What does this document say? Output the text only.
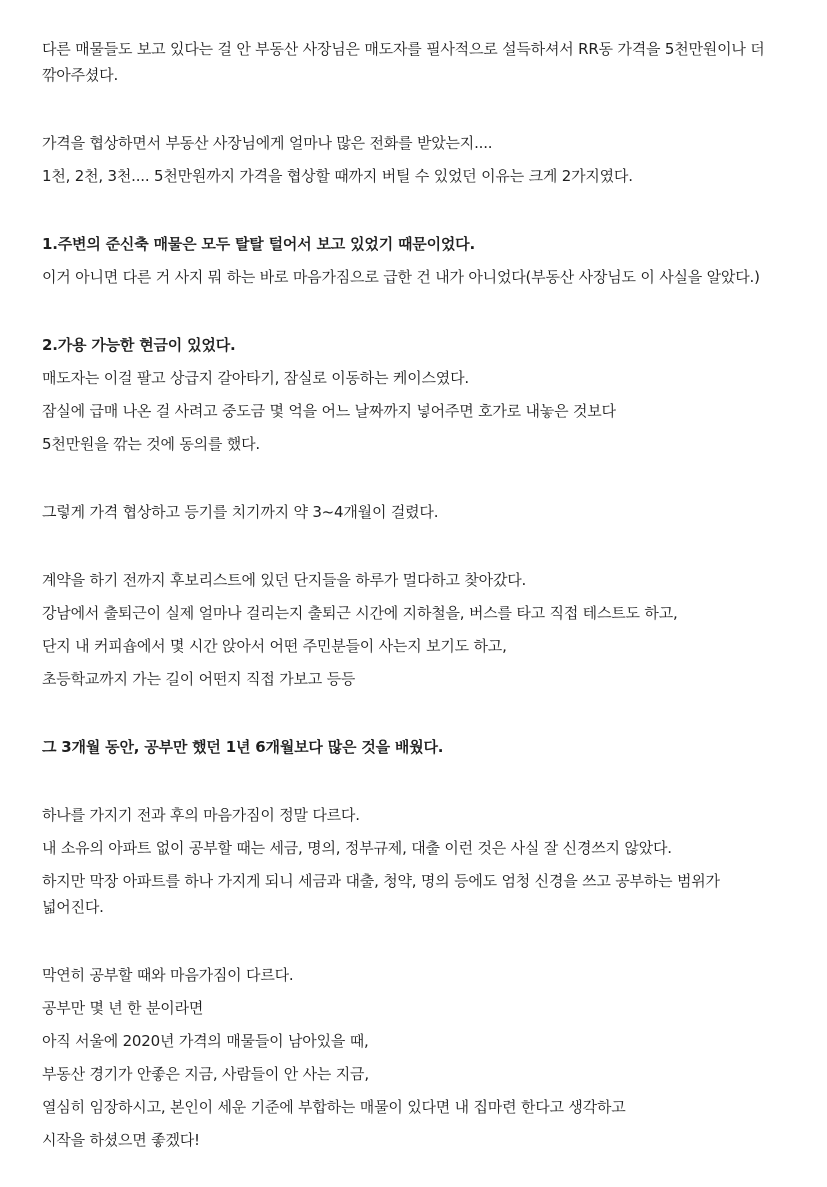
다른 매물들도 보고 있다는 걸 안 부동산 사장님은 매도자를 필사적으로 설득하셔서 RR동 가격을 5천만원이나 더 깎아주셨다.

가격을 협상하면서 부동산 사장님에게 얼마나 많은 전화를 받았는지....

1천, 2천, 3천.... 5천만원까지 가격을 협상할 때까지 버틸 수 있었던 이유는 크게 2가지였다.

1.주변의 준신축 매물은 모두 탈탈 털어서 보고 있었기 때문이었다.

이거 아니면 다른 거 사지 뭐 하는 바로 마음가짐으로 급한 건 내가 아니었다(부동산 사장님도 이 사실을 알았다.)

2.가용 가능한 현금이 있었다.

매도자는 이걸 팔고 상급지 갈아타기, 잠실로 이동하는 케이스였다.

잠실에 급매 나온 걸 사려고 중도금 몇 억을 어느 날짜까지 넣어주면 호가로 내놓은 것보다

5천만원을 깎는 것에 동의를 했다.

그렇게 가격 협상하고 등기를 치기까지 약 3~4개월이 걸렸다.

계약을 하기 전까지 후보리스트에 있던 단지들을 하루가 멀다하고 찾아갔다.

강남에서 출퇴근이 실제 얼마나 걸리는지 출퇴근 시간에 지하철을, 버스를 타고 직접 테스트도 하고,

단지 내 커피숍에서 몇 시간 앉아서 어떤 주민분들이 사는지 보기도 하고,

초등학교까지 가는 길이 어떤지 직접 가보고 등등

그 3개월 동안, 공부만 했던 1년 6개월보다 많은 것을 배웠다.

하나를 가지기 전과 후의 마음가짐이 정말 다르다.

내 소유의 아파트 없이 공부할 때는 세금, 명의, 정부규제, 대출 이런 것은 사실 잘 신경쓰지 않았다.

하지만 막장 아파트를 하나 가지게 되니 세금과 대출, 청약, 명의 등에도 엄청 신경을 쓰고 공부하는 범위가 넓어진다.

막연히 공부할 때와 마음가짐이 다르다.

공부만 몇 년 한 분이라면

아직 서울에 2020년 가격의 매물들이 남아있을 때,

부동산 경기가 안좋은 지금, 사람들이 안 사는 지금,

열심히 임장하시고, 본인이 세운 기준에 부합하는 매물이 있다면 내 집마련 한다고 생각하고

시작을 하셨으면 좋겠다!
